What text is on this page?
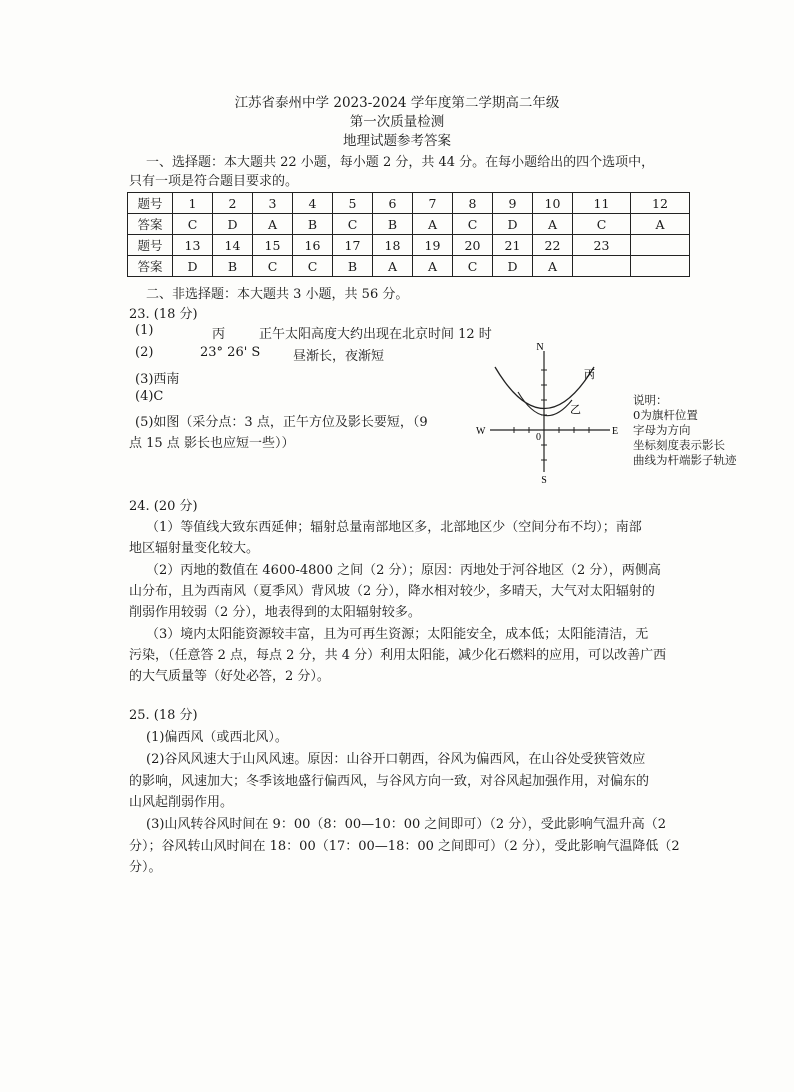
江苏省泰州中学 2023-2024 学年度第二学期高二年级
第一次质量检测
地理试题参考答案
一、选择题：本大题共 22 小题，每小题 2 分，共 44 分。在每小题给出的四个选项中，
只有一项是符合题目要求的。
题号	1	2	3	4	5	6	7	8	9	10	11	12
答案	C	D	A	B	C	B	A	C	D	A	C	A
题号	13	14	15	16	17	18	19	20	21	22	23	
答案	D	B	C	C	B	A	A	C	D	A		
二、非选择题：本大题共 3 小题，共 56 分。
23. (18 分)
(1)	丙	正午太阳高度大约出现在北京时间 12 时
(2)	23° 26' S	昼渐长，夜渐短
(3)西南
(4)C
(5)如图（采分点：3 点，正午方位及影长要短，（9
点 15 点 影长也应短一些））
N
S
E
W
0
丙
乙
说明：
0为旗杆位置
字母为方向
坐标刻度表示影长
曲线为杆端影子轨迹
24. (20 分)
（1）等值线大致东西延伸；辐射总量南部地区多，北部地区少（空间分布不均）；南部
地区辐射量变化较大。
（2）丙地的数值在 4600-4800 之间（2 分）；原因：丙地处于河谷地区（2 分），两侧高
山分布，且为西南风（夏季风）背风坡（2 分），降水相对较少，多晴天，大气对太阳辐射的
削弱作用较弱（2 分），地表得到的太阳辐射较多。
（3）境内太阳能资源较丰富，且为可再生资源；太阳能安全，成本低；太阳能清洁，无
污染，（任意答 2 点，每点 2 分，共 4 分）利用太阳能，减少化石燃料的应用，可以改善广西
的大气质量等（好处必答，2 分）。
25. (18 分)
(1)偏西风（或西北风）。
(2)谷风风速大于山风风速。原因：山谷开口朝西，谷风为偏西风，在山谷处受狭管效应
的影响，风速加大；冬季该地盛行偏西风，与谷风方向一致，对谷风起加强作用，对偏东的
山风起削弱作用。
(3)山风转谷风时间在 9：00（8：00—10：00 之间即可）（2 分），受此影响气温升高（2
分）；谷风转山风时间在 18：00（17：00—18：00 之间即可）（2 分），受此影响气温降低（2
分）。
